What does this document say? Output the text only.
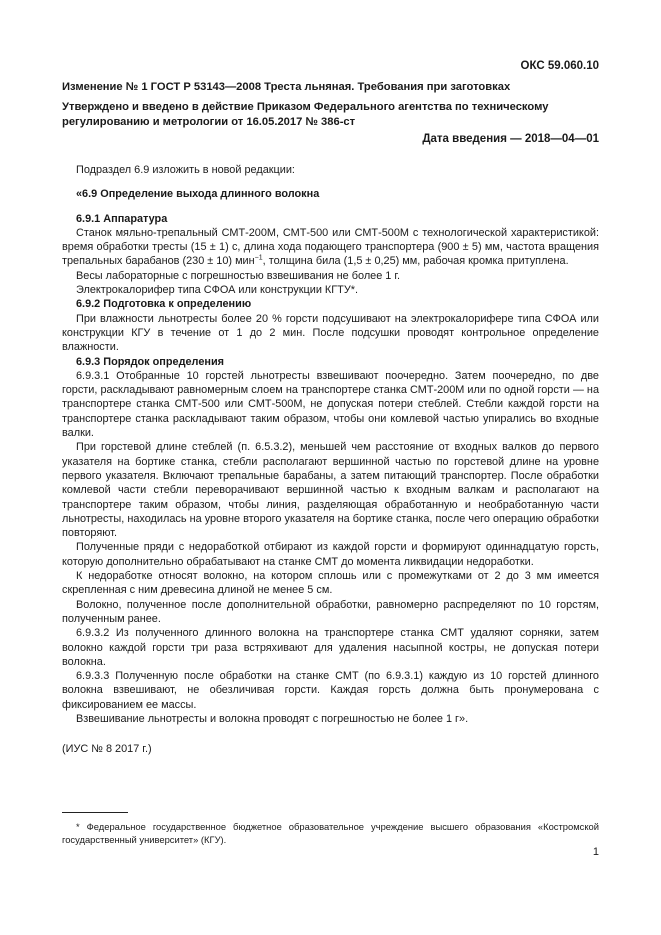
ОКС 59.060.10
Изменение № 1 ГОСТ Р 53143—2008 Треста льняная. Требования при заготовках
Утверждено и введено в действие Приказом Федерального агентства по техническому регулированию и метрологии от 16.05.2017 № 386-ст
Дата введения — 2018—04—01

Подраздел 6.9 изложить в новой редакции:

«6.9 Определение выхода длинного волокна

6.9.1 Аппаратура

Станок мяльно-трепальный СМТ-200М, СМТ-500 или СМТ-500М с технологической характеристикой: время обработки тресты (15 ± 1) с, длина хода подающего транспортера (900 ± 5) мм, частота вращения трепальных барабанов (230 ± 10) мин$^{-1}$, толщина била (1,5 ± 0,25) мм, рабочая кромка притуплена.

Весы лабораторные с погрешностью взвешивания не более 1 г.

Электрокалорифер типа СФОА или конструкции КГТУ*.

6.9.2 Подготовка к определению

При влажности льнотресты более 20 % горсти подсушивают на электрокалорифере типа СФОА или конструкции КГУ в течение от 1 до 2 мин. После подсушки проводят контрольное определение влажности.

6.9.3 Порядок определения

6.9.3.1 Отобранные 10 горстей льнотресты взвешивают поочередно. Затем поочередно, по две горсти, раскладывают равномерным слоем на транспортере станка СМТ-200М или по одной горсти — на транспортере станка СМТ-500 или СМТ-500М, не допуская потери стеблей. Стебли каждой горсти на транспортере станка раскладывают таким образом, чтобы они комлевой частью упирались во входные валки.

При горстевой длине стеблей (п. 6.5.3.2), меньшей чем расстояние от входных валков до первого указателя на бортике станка, стебли располагают вершинной частью по горстевой длине на уровне первого указателя. Включают трепальные барабаны, а затем питающий транспортер. После обработки комлевой части стебли переворачивают вершинной частью к входным валкам и располагают на транспортере таким образом, чтобы линия, разделяющая обработанную и необработанную части льнотресты, находилась на уровне второго указателя на бортике станка, после чего операцию обработки повторяют.

Полученные пряди с недоработкой отбирают из каждой горсти и формируют одиннадцатую горсть, которую дополнительно обрабатывают на станке СМТ до момента ликвидации недоработки.

К недоработке относят волокно, на котором сплошь или с промежутками от 2 до 3 мм имеется скрепленная с ним древесина длиной не менее 5 см.

Волокно, полученное после дополнительной обработки, равномерно распределяют по 10 горстям, полученным ранее.

6.9.3.2 Из полученного длинного волокна на транспортере станка СМТ удаляют сорняки, затем волокно каждой горсти три раза встряхивают для удаления насыпной костры, не допуская потери волокна.

6.9.3.3 Полученную после обработки на станке СМТ (по 6.9.3.1) каждую из 10 горстей длинного волокна взвешивают, не обезличивая горсти. Каждая горсть должна быть пронумерована с фиксированием ее массы.

Взвешивание льнотресты и волокна проводят с погрешностью не более 1 г».

(ИУС № 8 2017 г.)

* Федеральное государственное бюджетное образовательное учреждение высшего образования «Костромской государственный университет» (КГУ).
1
